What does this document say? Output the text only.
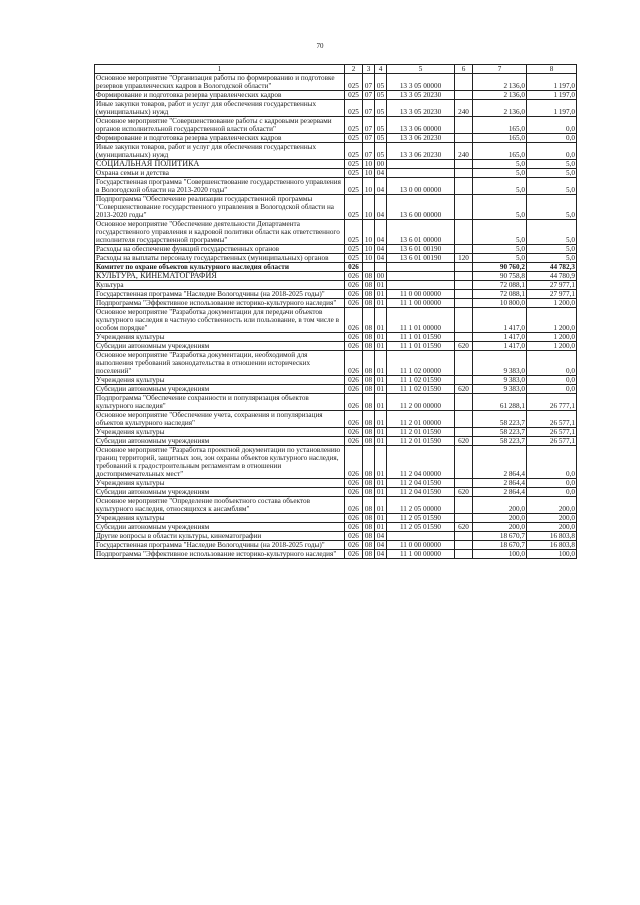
70
1	2	3	4	5	6	7	8
Основное мероприятие "Организация работы по формированию и подготовке резервов управленческих кадров в Вологодской области"	025	07	05	13 3 05 00000		2 136,0	1 197,0
Формирование и подготовка резерва управленческих кадров	025	07	05	13 3 05 20230		2 136,0	1 197,0
Иные закупки товаров, работ и услуг для обеспечения государственных (муниципальных) нужд	025	07	05	13 3 05 20230	240	2 136,0	1 197,0
Основное мероприятие "Совершенствование работы с кадровыми резервами органов исполнительной государственной власти области"	025	07	05	13 3 06 00000		165,0	0,0
Формирование и подготовка резерва управленческих кадров	025	07	05	13 3 06 20230		165,0	0,0
Иные закупки товаров, работ и услуг для обеспечения государственных (муниципальных) нужд	025	07	05	13 3 06 20230	240	165,0	0,0
СОЦИАЛЬНАЯ ПОЛИТИКА	025	10	00			5,0	5,0
Охрана семьи и детства	025	10	04			5,0	5,0
Государственная программа "Совершенствование государственного управления в Вологодской области на 2013-2020 годы"	025	10	04	13 0 00 00000		5,0	5,0
Подпрограмма "Обеспечение реализации государственной программы "Совершенствование государственного управления в Вологодской области на 2013-2020 годы"	025	10	04	13 6 00 00000		5,0	5,0
Основное мероприятие "Обеспечение деятельности Департамента государственного управления и кадровой политики области как ответственного исполнителя государственной программы"	025	10	04	13 6 01 00000		5,0	5,0
Расходы на обеспечение функций государственных органов	025	10	04	13 6 01 00190		5,0	5,0
Расходы на выплаты персоналу государственных (муниципальных) органов	025	10	04	13 6 01 00190	120	5,0	5,0
Комитет по охране объектов культурного наследия области	026					90 760,2	44 782,3
КУЛЬТУРА, КИНЕМАТОГРАФИЯ	026	08	00			90 758,8	44 780,9
Культура	026	08	01			72 088,1	27 977,1
Государственная программа "Наследие Вологодчины (на 2018-2025 годы)"	026	08	01	11 0 00 00000		72 088,1	27 977,1
Подпрограмма "Эффективное использование историко-культурного наследия"	026	08	01	11 1 00 00000		10 800,0	1 200,0
Основное мероприятие "Разработка документации для передачи объектов культурного наследия в частную собственность или пользование, в том числе в особом порядке"	026	08	01	11 1 01 00000		1 417,0	1 200,0
Учреждения культуры	026	08	01	11 1 01 01590		1 417,0	1 200,0
Субсидии автономным учреждениям	026	08	01	11 1 01 01590	620	1 417,0	1 200,0
Основное мероприятие "Разработка документации, необходимой для выполнения требований законодательства в отношении исторических поселений"	026	08	01	11 1 02 00000		9 383,0	0,0
Учреждения культуры	026	08	01	11 1 02 01590		9 383,0	0,0
Субсидии автономным учреждениям	026	08	01	11 1 02 01590	620	9 383,0	0,0
Подпрограмма "Обеспечение сохранности и популяризация объектов культурного наследия"	026	08	01	11 2 00 00000		61 288,1	26 777,1
Основное мероприятие "Обеспечение учета, сохранения и популяризация объектов культурного наследия"	026	08	01	11 2 01 00000		58 223,7	26 577,1
Учреждения культуры	026	08	01	11 2 01 01590		58 223,7	26 577,1
Субсидии автономным учреждениям	026	08	01	11 2 01 01590	620	58 223,7	26 577,1
Основное мероприятие "Разработка проектной документации по установлению границ территорий, защитных зон, зон охраны объектов культурного наследия, требований к градостроительным регламентам в отношении достопримечательных мест"	026	08	01	11 2 04 00000		2 864,4	0,0
Учреждения культуры	026	08	01	11 2 04 01590		2 864,4	0,0
Субсидии автономным учреждениям	026	08	01	11 2 04 01590	620	2 864,4	0,0
Основное мероприятие "Определение пообъектного состава объектов культурного наследия, относящихся к ансамблям"	026	08	01	11 2 05 00000		200,0	200,0
Учреждения культуры	026	08	01	11 2 05 01590		200,0	200,0
Субсидии автономным учреждениям	026	08	01	11 2 05 01590	620	200,0	200,0
Другие вопросы в области культуры, кинематографии	026	08	04			18 670,7	16 803,8
Государственная программа "Наследие Вологодчины (на 2018-2025 годы)"	026	08	04	11 0 00 00000		18 670,7	16 803,8
Подпрограмма "Эффективное использование историко-культурного наследия"	026	08	04	11 1 00 00000		100,0	100,0
